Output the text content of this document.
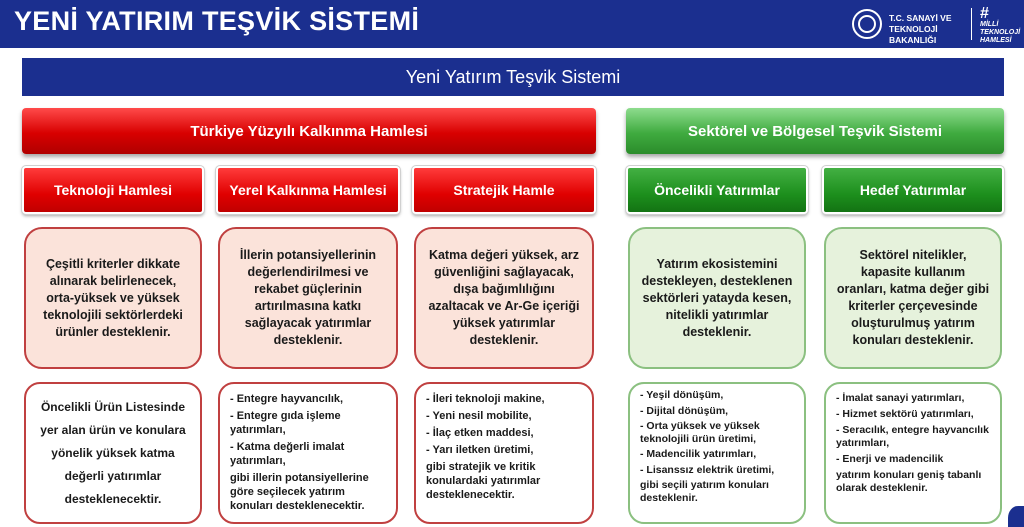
YENİ YATIRIM TEŞVİK SİSTEMİ	T.C. SANAYİ VE
TEKNOLOJİ BAKANLIĞI
#
MİLLİ
TEKNOLOJİ
HAMLESİ
Yeni Yatırım Teşvik Sistemi
Türkiye Yüzyılı Kalkınma Hamlesi	Sektörel ve Bölgesel Teşvik Sistemi
Teknoloji Hamlesi	Yerel Kalkınma Hamlesi	Stratejik Hamle	Öncelikli Yatırımlar	Hedef Yatırımlar
Çeşitli kriterler dikkate alınarak belirlenecek, orta-yüksek ve yüksek teknolojili sektörlerdeki ürünler desteklenir.
İllerin potansiyellerinin değerlendirilmesi ve rekabet güçlerinin artırılmasına katkı sağlayacak yatırımlar desteklenir.
Katma değeri yüksek, arz güvenliğini sağlayacak, dışa bağımlılığını azaltacak ve Ar-Ge içeriği yüksek yatırımlar desteklenir.
Yatırım ekosistemini destekleyen, desteklenen sektörleri yatayda kesen, nitelikli yatırımlar desteklenir.
Sektörel nitelikler, kapasite kullanım oranları, katma değer gibi kriterler çerçevesinde oluşturulmuş yatırım konuları desteklenir.
Öncelikli Ürün Listesinde
yer alan ürün ve konulara
yönelik yüksek katma
değerli yatırımlar
desteklenecektir.
- Entegre hayvancılık,
- Entegre gıda işleme yatırımları,
- Katma değerli imalat yatırımları,
gibi illerin potansiyellerine göre seçilecek yatırım konuları desteklenecektir.
- İleri teknoloji makine,
- Yeni nesil mobilite,
- İlaç etken maddesi,
- Yarı iletken üretimi,
gibi stratejik ve kritik konulardaki yatırımlar desteklenecektir.
- Yeşil dönüşüm,
- Dijital dönüşüm,
- Orta yüksek ve yüksek teknolojili ürün üretimi,
- Madencilik yatırımları,
- Lisanssız elektrik üretimi,
gibi seçili yatırım konuları desteklenir.
- İmalat sanayi yatırımları,
- Hizmet sektörü yatırımları,
- Seracılık, entegre hayvancılık yatırımları,
- Enerji ve madencilik
yatırım konuları geniş tabanlı olarak desteklenir.
